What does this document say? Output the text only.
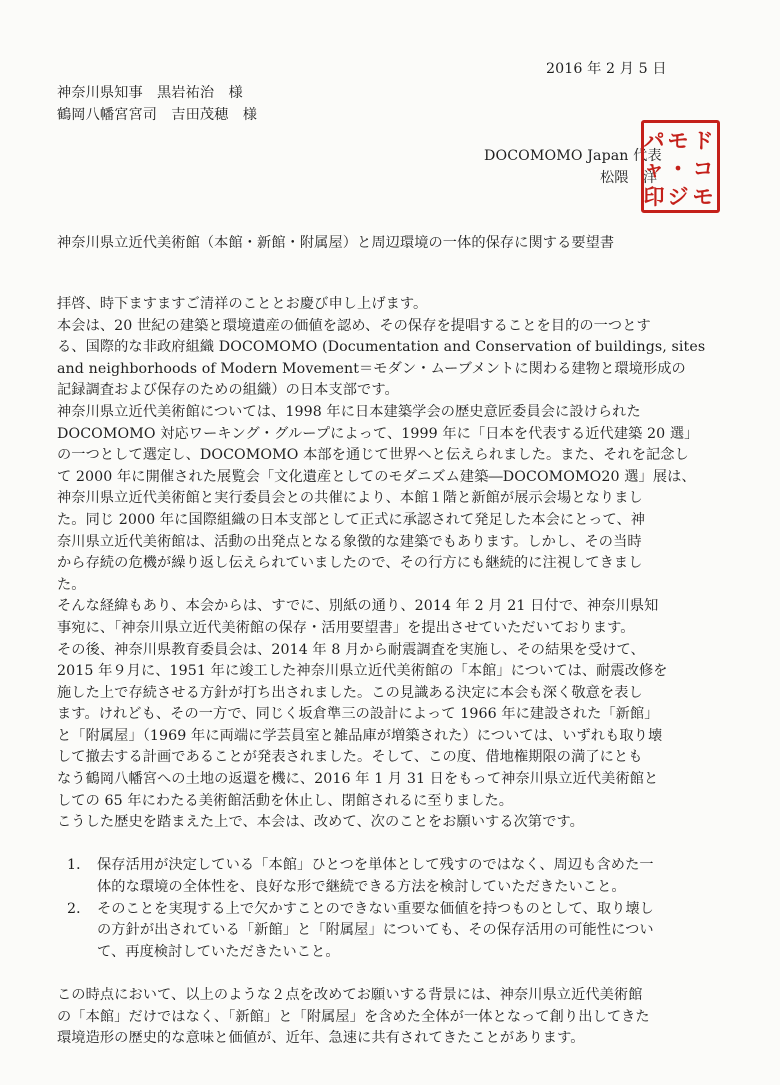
2016 年 2 月 5 日
神奈川県知事　黒岩祐治　様
鶴岡八幡宮宮司　吉田茂穂　様
DOCOMOMO Japan 代表
松隈　洋
ド
コ
モ
モ
・
ジ
パ
ャ
印
神奈川県立近代美術館（本館・新館・附属屋）と周辺環境の一体的保存に関する要望書
拝啓、時下ますますご清祥のこととお慶び申し上げます。
本会は、20 世紀の建築と環境遺産の価値を認め、その保存を提唱することを目的の一つとす
る、国際的な非政府組織 DOCOMOMO (Documentation and Conservation of buildings, sites
and neighborhoods of Modern Movement＝モダン・ムーブメントに関わる建物と環境形成の
記録調査および保存のための組織）の日本支部です。
神奈川県立近代美術館については、1998 年に日本建築学会の歴史意匠委員会に設けられた
DOCOMOMO 対応ワーキング・グループによって、1999 年に「日本を代表する近代建築 20 選」
の一つとして選定し、DOCOMOMO 本部を通じて世界へと伝えられました。また、それを記念し
て 2000 年に開催された展覧会「文化遺産としてのモダニズム建築―DOCOMOMO20 選」展は、
神奈川県立近代美術館と実行委員会との共催により、本館１階と新館が展示会場となりまし
た。同じ 2000 年に国際組織の日本支部として正式に承認されて発足した本会にとって、神
奈川県立近代美術館は、活動の出発点となる象徴的な建築でもあります。しかし、その当時
から存続の危機が繰り返し伝えられていましたので、その行方にも継続的に注視してきまし
た。
そんな経緯もあり、本会からは、すでに、別紙の通り、2014 年 2 月 21 日付で、神奈川県知
事宛に、「神奈川県立近代美術館の保存・活用要望書」を提出させていただいております。
その後、神奈川県教育委員会は、2014 年 8 月から耐震調査を実施し、その結果を受けて、
2015 年９月に、1951 年に竣工した神奈川県立近代美術館の「本館」については、耐震改修を
施した上で存続させる方針が打ち出されました。この見識ある決定に本会も深く敬意を表し
ます。けれども、その一方で、同じく坂倉準三の設計によって 1966 年に建設された「新館」
と「附属屋」（1969 年に両端に学芸員室と雑品庫が増築された）については、いずれも取り壊
して撤去する計画であることが発表されました。そして、この度、借地権期限の満了にとも
なう鶴岡八幡宮への土地の返還を機に、2016 年 1 月 31 日をもって神奈川県立近代美術館と
しての 65 年にわたる美術館活動を休止し、閉館されるに至りました。
こうした歴史を踏まえた上で、本会は、改めて、次のことをお願いする次第です。
1． 保存活用が決定している「本館」ひとつを単体として残すのではなく、周辺も含めた一
体的な環境の全体性を、良好な形で継続できる方法を検討していただきたいこと。
2． そのことを実現する上で欠かすことのできない重要な価値を持つものとして、取り壊し
の方針が出されている「新館」と「附属屋」についても、その保存活用の可能性につい
て、再度検討していただきたいこと。
この時点において、以上のような２点を改めてお願いする背景には、神奈川県立近代美術館
の「本館」だけではなく、「新館」と「附属屋」を含めた全体が一体となって創り出してきた
環境造形の歴史的な意味と価値が、近年、急速に共有されてきたことがあります。
